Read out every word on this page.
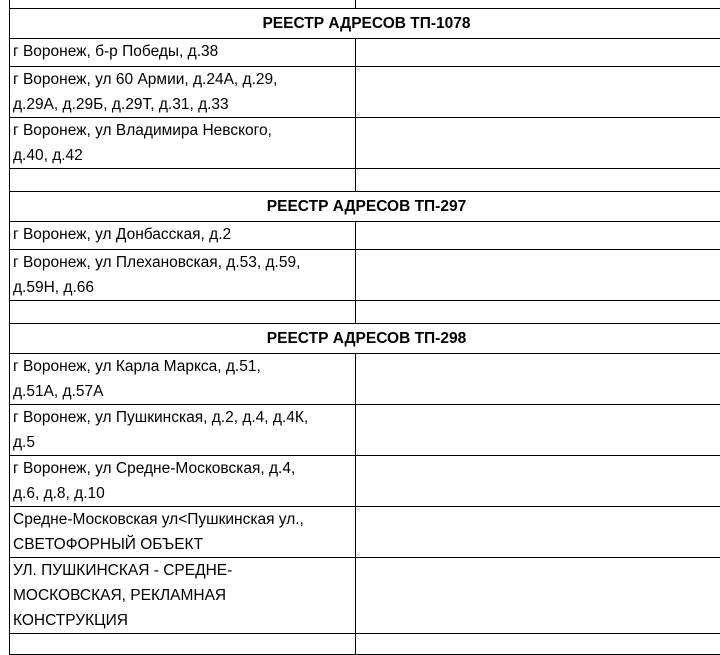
РЕЕСТР АДРЕСОВ ТП-1078	

г Воронеж, б-р Победы, д.38	

г Воронеж, ул 60 Армии, д.24А, д.29,
д.29А, д.29Б, д.29Т, д.31, д.33	

г Воронеж, ул Владимира Невского,
д.40, д.42	

РЕЕСТР АДРЕСОВ ТП-297	

г Воронеж, ул Донбасская, д.2	

г Воронеж, ул Плехановская, д.53, д.59,
д.59Н, д.66	

РЕЕСТР АДРЕСОВ ТП-298	

г Воронеж, ул Карла Маркса, д.51,
д.51А, д.57А	

г Воронеж, ул Пушкинская, д.2, д.4, д.4К,
д.5	

г Воронеж, ул Средне-Московская, д.4,
д.6, д.8, д.10	

Средне-Московская ул<Пушкинская ул.,
СВЕТОФОРНЫЙ ОБЪЕКТ	

УЛ. ПУШКИНСКАЯ - СРЕДНЕ-
МОСКОВСКАЯ, РЕКЛАМНАЯ
КОНСТРУКЦИЯ	
